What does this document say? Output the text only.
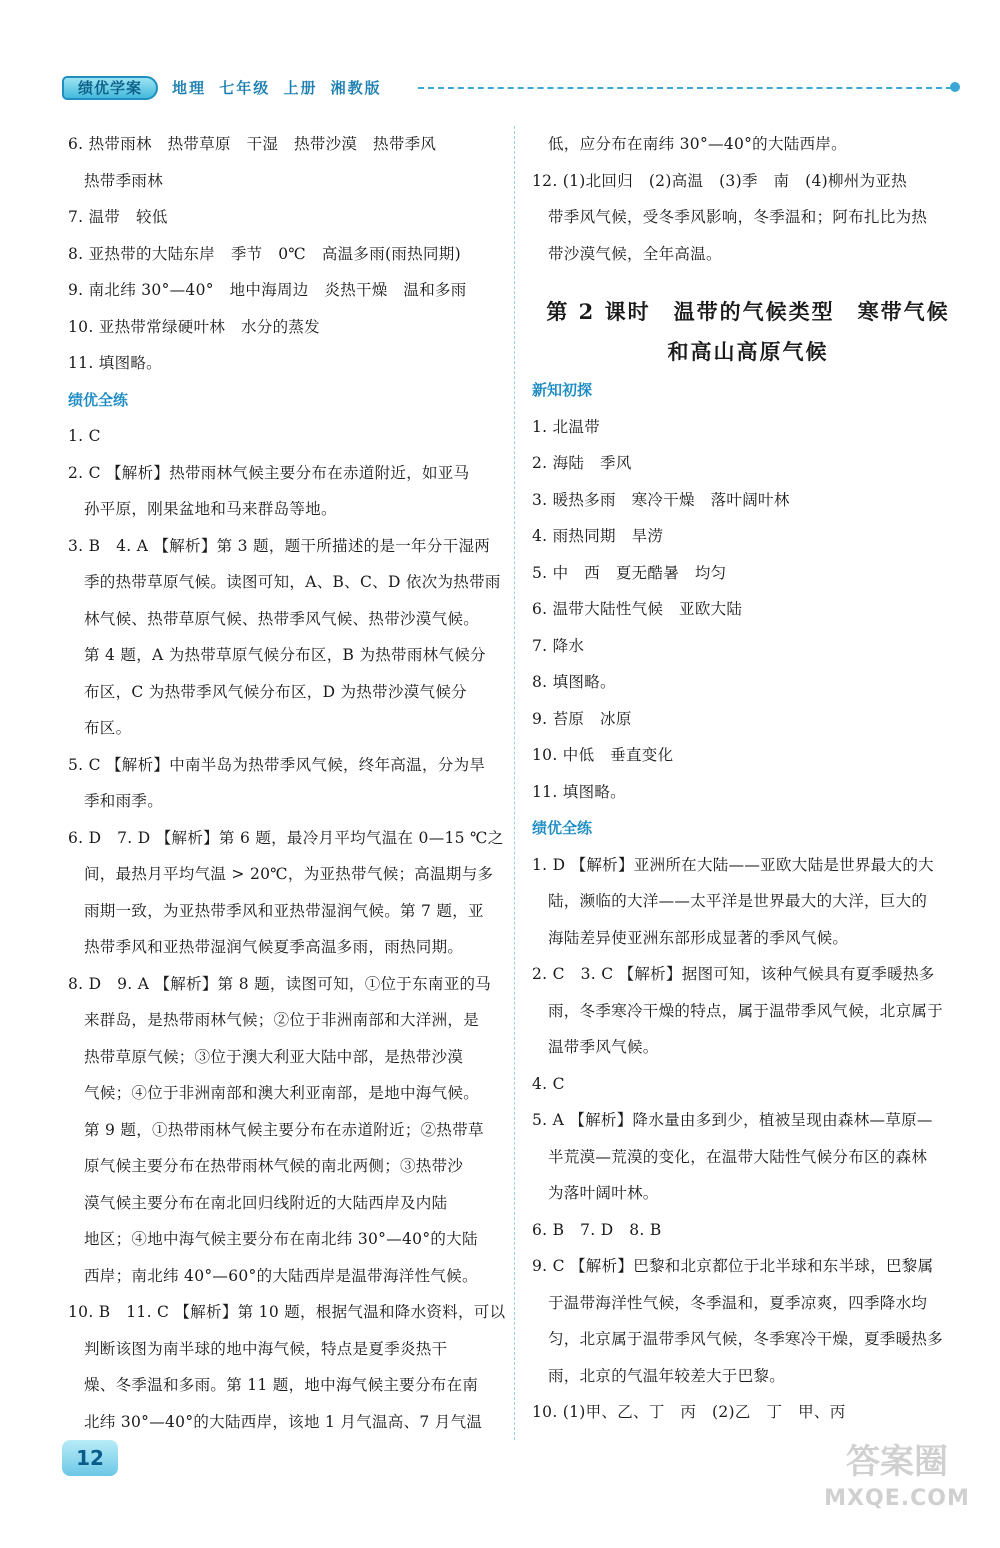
绩优学案	地理 七年级 上册 湘教版
6. 热带雨林　热带草原　干湿　热带沙漠　热带季风
热带季雨林
7. 温带　较低
8. 亚热带的大陆东岸　季节　0℃　高温多雨(雨热同期)
9. 南北纬 30°—40°　地中海周边　炎热干燥　温和多雨
10. 亚热带常绿硬叶林　水分的蒸发
11. 填图略。
绩优全练
1. C
2. C 【解析】热带雨林气候主要分布在赤道附近，如亚马
孙平原，刚果盆地和马来群岛等地。
3. B　4. A 【解析】第 3 题，题干所描述的是一年分干湿两
季的热带草原气候。读图可知，A、B、C、D 依次为热带雨
林气候、热带草原气候、热带季风气候、热带沙漠气候。
第 4 题，A 为热带草原气候分布区，B 为热带雨林气候分
布区，C 为热带季风气候分布区，D 为热带沙漠气候分
布区。
5. C 【解析】中南半岛为热带季风气候，终年高温，分为旱
季和雨季。
6. D　7. D 【解析】第 6 题，最冷月平均气温在 0—15 ℃之
间，最热月平均气温 > 20℃，为亚热带气候；高温期与多
雨期一致，为亚热带季风和亚热带湿润气候。第 7 题，亚
热带季风和亚热带湿润气候夏季高温多雨，雨热同期。
8. D　9. A 【解析】第 8 题，读图可知，①位于东南亚的马
来群岛，是热带雨林气候；②位于非洲南部和大洋洲，是
热带草原气候；③位于澳大利亚大陆中部，是热带沙漠
气候；④位于非洲南部和澳大利亚南部，是地中海气候。
第 9 题，①热带雨林气候主要分布在赤道附近；②热带草
原气候主要分布在热带雨林气候的南北两侧；③热带沙
漠气候主要分布在南北回归线附近的大陆西岸及内陆
地区；④地中海气候主要分布在南北纬 30°—40°的大陆
西岸；南北纬 40°—60°的大陆西岸是温带海洋性气候。
10. B　11. C 【解析】第 10 题，根据气温和降水资料，可以
判断该图为南半球的地中海气候，特点是夏季炎热干
燥、冬季温和多雨。第 11 题，地中海气候主要分布在南
北纬 30°—40°的大陆西岸，该地 1 月气温高、7 月气温
低，应分布在南纬 30°—40°的大陆西岸。
12. (1)北回归　(2)高温　(3)季　南　(4)柳州为亚热
带季风气候，受冬季风影响，冬季温和；阿布扎比为热
带沙漠气候，全年高温。
第 2 课时　温带的气候类型　寒带气候
和高山高原气候
新知初探
1. 北温带
2. 海陆　季风
3. 暖热多雨　寒冷干燥　落叶阔叶林
4. 雨热同期　旱涝
5. 中　西　夏无酷暑　均匀
6. 温带大陆性气候　亚欧大陆
7. 降水
8. 填图略。
9. 苔原　冰原
10. 中低　垂直变化
11. 填图略。
绩优全练
1. D 【解析】亚洲所在大陆——亚欧大陆是世界最大的大
陆，濒临的大洋——太平洋是世界最大的大洋，巨大的
海陆差异使亚洲东部形成显著的季风气候。
2. C　3. C 【解析】据图可知，该种气候具有夏季暖热多
雨，冬季寒冷干燥的特点，属于温带季风气候，北京属于
温带季风气候。
4. C
5. A 【解析】降水量由多到少，植被呈现由森林—草原—
半荒漠—荒漠的变化，在温带大陆性气候分布区的森林
为落叶阔叶林。
6. B　7. D　8. B
9. C 【解析】巴黎和北京都位于北半球和东半球，巴黎属
于温带海洋性气候，冬季温和，夏季凉爽，四季降水均
匀，北京属于温带季风气候，冬季寒冷干燥，夏季暖热多
雨，北京的气温年较差大于巴黎。
10. (1)甲、乙、丁　丙　(2)乙　丁　甲、丙
12	答案圈
MXQE.COM
